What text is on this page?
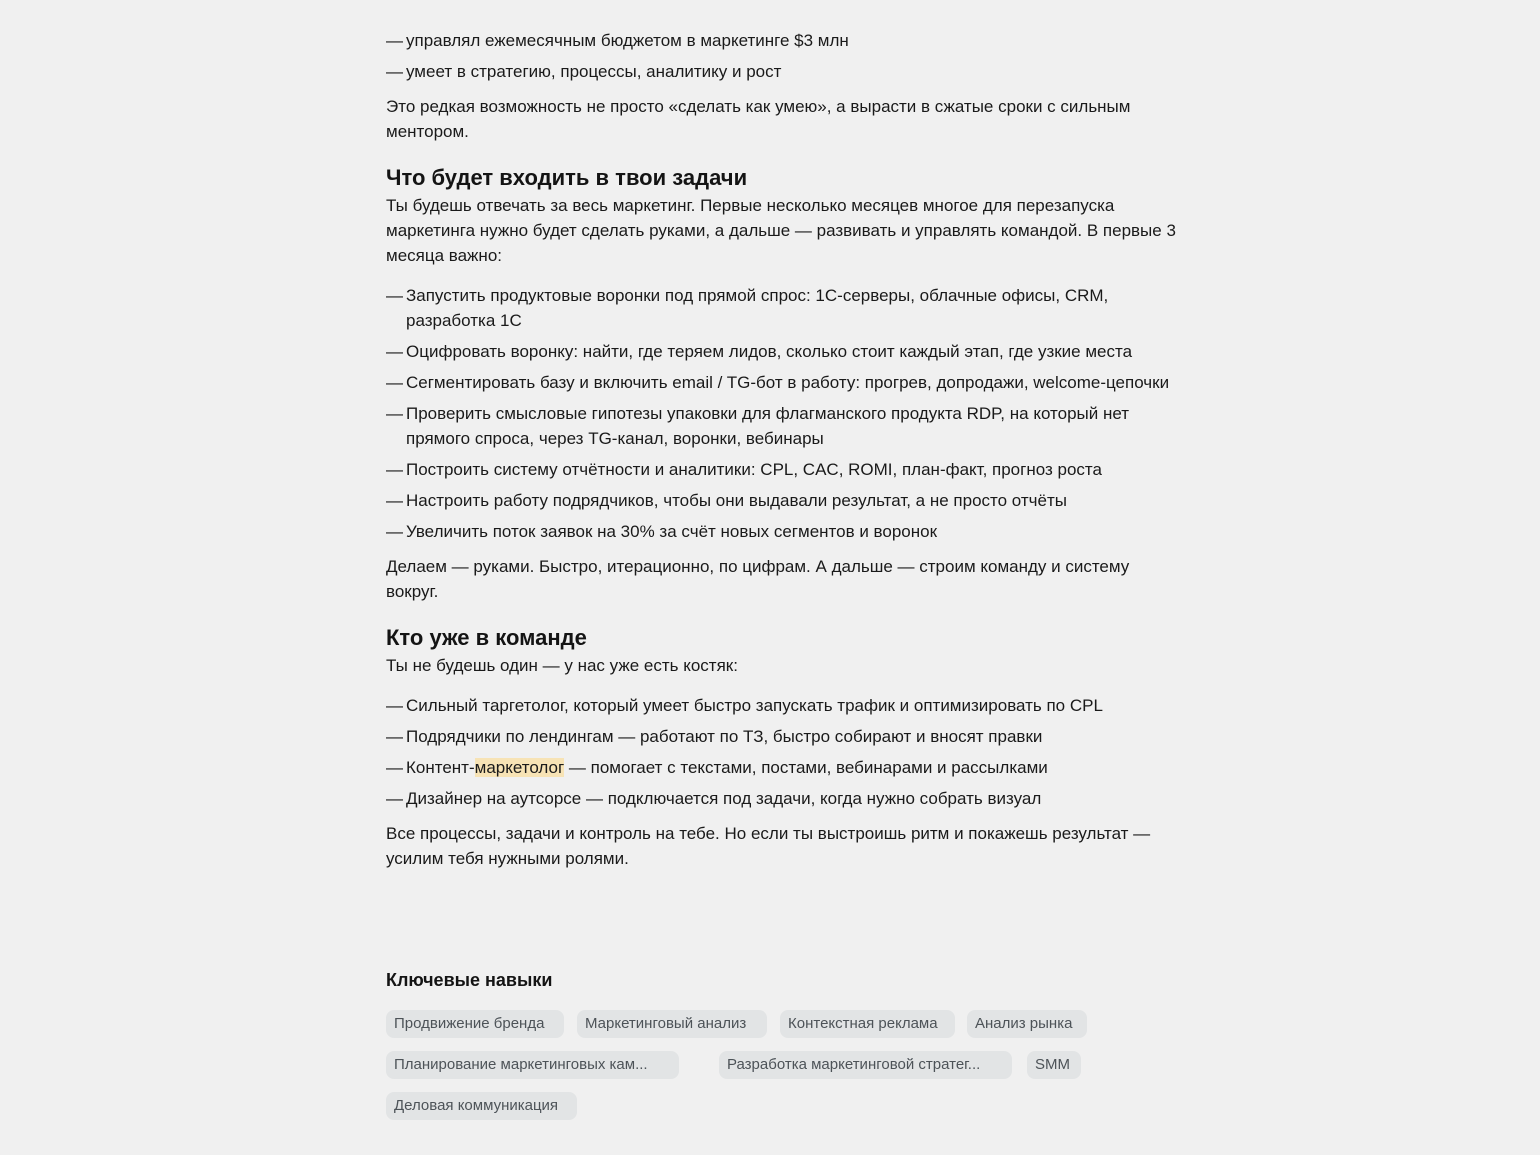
— управлял ежемесячным бюджетом в маркетинге $3 млн
— умеет в стратегию, процессы, аналитику и рост

Это редкая возможность не просто «сделать как умею», а вырасти в сжатые сроки с сильным ментором.

Что будет входить в твои задачи

Ты будешь отвечать за весь маркетинг. Первые несколько месяцев многое для перезапуска маркетинга нужно будет сделать руками, а дальше — развивать и управлять командой. В первые 3 месяца важно:

— Запустить продуктовые воронки под прямой спрос: 1С-серверы, облачные офисы, CRM, разработка 1С
— Оцифровать воронку: найти, где теряем лидов, сколько стоит каждый этап, где узкие места
— Сегментировать базу и включить email / TG-бот в работу: прогрев, допродажи, welcome-цепочки
— Проверить смысловые гипотезы упаковки для флагманского продукта RDP, на который нет прямого спроса, через TG-канал, воронки, вебинары
— Построить систему отчётности и аналитики: CPL, CAC, ROMI, план-факт, прогноз роста
— Настроить работу подрядчиков, чтобы они выдавали результат, а не просто отчёты
— Увеличить поток заявок на 30% за счёт новых сегментов и воронок

Делаем — руками. Быстро, итерационно, по цифрам. А дальше — строим команду и систему вокруг.

Кто уже в команде

Ты не будешь один — у нас уже есть костяк:

— Сильный таргетолог, который умеет быстро запускать трафик и оптимизировать по CPL
— Подрядчики по лендингам — работают по ТЗ, быстро собирают и вносят правки
— Контент-маркетолог — помогает с текстами, постами, вебинарами и рассылками
— Дизайнер на аутсорсе — подключается под задачи, когда нужно собрать визуал

Все процессы, задачи и контроль на тебе. Но если ты выстроишь ритм и покажешь результат — усилим тебя нужными ролями.

Ключевые навыки
Продвижение бренда	Маркетинговый анализ	Контекстная реклама	Анализ рынка
Планирование маркетинговых кам...	Разработка маркетинговой стратег...	SMM
Деловая коммуникация
